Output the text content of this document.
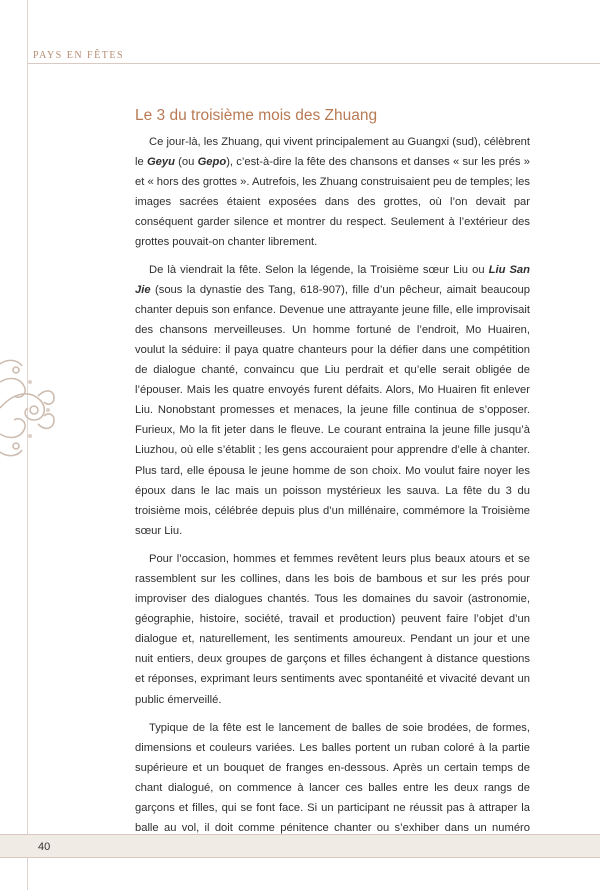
PAYS EN FÊTES
Le 3 du troisième mois des Zhuang

Ce jour-là, les Zhuang, qui vivent principalement au Guangxi (sud), célèbrent le Geyu (ou Gepo), c’est-à-dire la fête des chansons et danses « sur les prés » et « hors des grottes ». Autrefois, les Zhuang construisaient peu de temples; les images sacrées étaient exposées dans des grottes, où l’on devait par conséquent garder silence et montrer du respect. Seulement à l’extérieur des grottes pouvait-on chanter librement.

De là viendrait la fête. Selon la légende, la Troisième sœur Liu ou Liu San Jie (sous la dynastie des Tang, 618-907), fille d’un pêcheur, aimait beaucoup chanter depuis son enfance. Devenue une attrayante jeune fille, elle improvisait des chansons merveilleuses. Un homme fortuné de l’endroit, Mo Huairen, voulut la séduire: il paya quatre chanteurs pour la défier dans une compétition de dialogue chanté, convaincu que Liu perdrait et qu’elle serait obligée de l’épouser. Mais les quatre envoyés furent défaits. Alors, Mo Huairen fit enlever Liu. Nonobstant promesses et menaces, la jeune fille continua de s’opposer. Furieux, Mo la fit jeter dans le fleuve. Le courant entraina la jeune fille jusqu’à Liuzhou, où elle s’établit ; les gens accouraient pour apprendre d’elle à chanter. Plus tard, elle épousa le jeune homme de son choix. Mo voulut faire noyer les époux dans le lac mais un poisson mystérieux les sauva. La fête du 3 du troisième mois, célébrée depuis plus d’un millénaire, commémore la Troisième sœur Liu.

Pour l’occasion, hommes et femmes revêtent leurs plus beaux atours et se rassemblent sur les collines, dans les bois de bambous et sur les prés pour improviser des dialogues chantés. Tous les domaines du savoir (astronomie, géographie, histoire, société, travail et production) peuvent faire l’objet d’un dialogue et, naturellement, les sentiments amoureux. Pendant un jour et une nuit entiers, deux groupes de garçons et filles échangent à distance questions et réponses, exprimant leurs sentiments avec spontanéité et vivacité devant un public émerveillé.

Typique de la fête est le lancement de balles de soie brodées, de formes, dimensions et couleurs variées. Les balles portent un ruban coloré à la partie supérieure et un bouquet de franges en-dessous. Après un certain temps de chant dialogué, on commence à lancer ces balles entre les deux rangs de garçons et filles, qui se font face. Si un participant ne réussit pas à attraper la balle au vol, il doit comme pénitence chanter ou s’exhiber dans un numéro

40
